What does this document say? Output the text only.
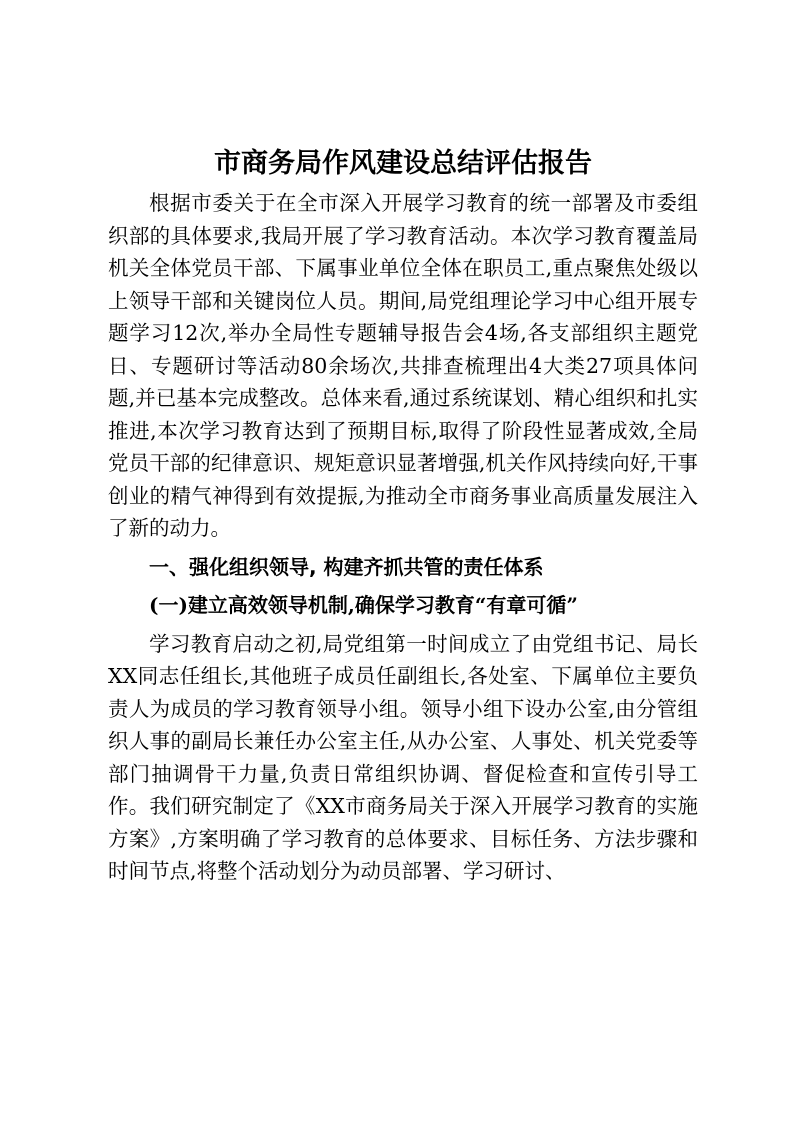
市商务局作风建设总结评估报告

根据市委关于在全市深入开展学习教育的统一部署及市委组织部的具体要求,我局开展了学习教育活动。本次学习教育覆盖局机关全体党员干部、下属事业单位全体在职员工,重点聚焦处级以上领导干部和关键岗位人员。期间,局党组理论学习中心组开展专题学习12次,举办全局性专题辅导报告会4场,各支部组织主题党日、专题研讨等活动80余场次,共排查梳理出4大类27项具体问题,并已基本完成整改。总体来看,通过系统谋划、精心组织和扎实推进,本次学习教育达到了预期目标,取得了阶段性显著成效,全局党员干部的纪律意识、规矩意识显著增强,机关作风持续向好,干事创业的精气神得到有效提振,为推动全市商务事业高质量发展注入了新的动力。

一、强化组织领导, 构建齐抓共管的责任体系
(一)建立高效领导机制,确保学习教育“有章可循”

学习教育启动之初,局党组第一时间成立了由党组书记、局长XX同志任组长,其他班子成员任副组长,各处室、下属单位主要负责人为成员的学习教育领导小组。领导小组下设办公室,由分管组织人事的副局长兼任办公室主任,从办公室、人事处、机关党委等部门抽调骨干力量,负责日常组织协调、督促检查和宣传引导工作。我们研究制定了《XX市商务局关于深入开展学习教育的实施方案》,方案明确了学习教育的总体要求、目标任务、方法步骤和时间节点,将整个活动划分为动员部署、学习研讨、
